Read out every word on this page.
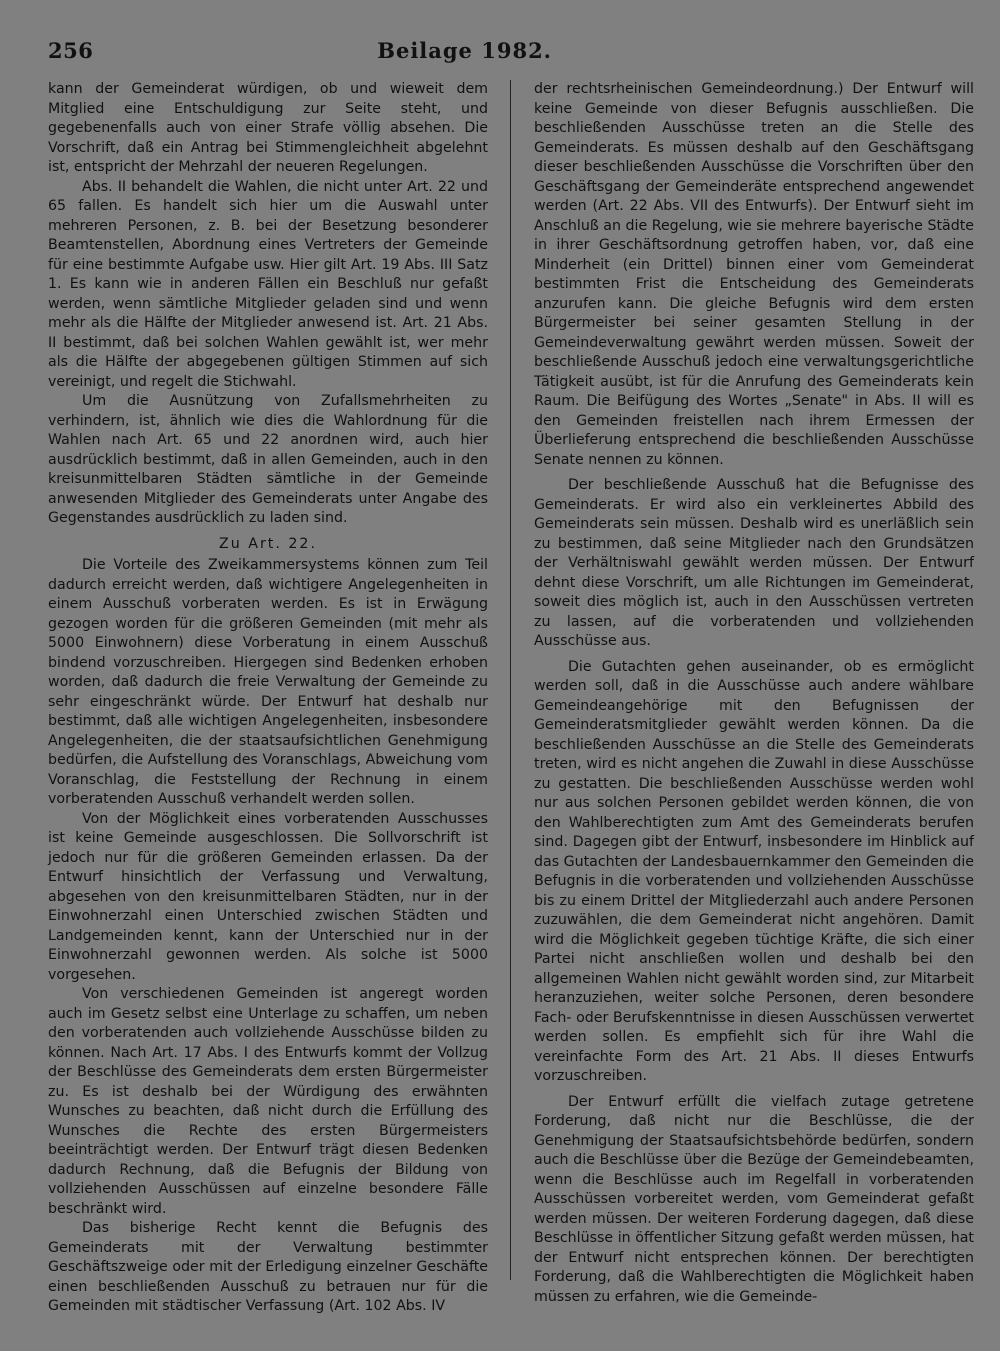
256	Beilage 1982.

kann der Gemeinderat würdigen, ob und wieweit dem Mitglied eine Entschuldigung zur Seite steht, und gegebenenfalls auch von einer Strafe völlig absehen. Die Vorschrift, daß ein Antrag bei Stimmengleichheit abgelehnt ist, entspricht der Mehrzahl der neueren Regelungen.

Abs. II behandelt die Wahlen, die nicht unter Art. 22 und 65 fallen. Es handelt sich hier um die Auswahl unter mehreren Personen, z. B. bei der Besetzung besonderer Beamtenstellen, Abordnung eines Vertreters der Gemeinde für eine bestimmte Aufgabe usw. Hier gilt Art. 19 Abs. III Satz 1. Es kann wie in anderen Fällen ein Beschluß nur gefaßt werden, wenn sämtliche Mitglieder geladen sind und wenn mehr als die Hälfte der Mitglieder anwesend ist. Art. 21 Abs. II bestimmt, daß bei solchen Wahlen gewählt ist, wer mehr als die Hälfte der abgegebenen gültigen Stimmen auf sich vereinigt, und regelt die Stichwahl.

Um die Ausnützung von Zufallsmehrheiten zu verhindern, ist, ähnlich wie dies die Wahlordnung für die Wahlen nach Art. 65 und 22 anordnen wird, auch hier ausdrücklich bestimmt, daß in allen Gemeinden, auch in den kreisunmittelbaren Städten sämtliche in der Gemeinde anwesenden Mitglieder des Gemeinderats unter Angabe des Gegenstandes ausdrücklich zu laden sind.

Zu Art. 22.

Die Vorteile des Zweikammersystems können zum Teil dadurch erreicht werden, daß wichtigere Angelegenheiten in einem Ausschuß vorberaten werden. Es ist in Erwägung gezogen worden für die größeren Gemeinden (mit mehr als 5000 Einwohnern) diese Vorberatung in einem Ausschuß bindend vorzuschreiben. Hiergegen sind Bedenken erhoben worden, daß dadurch die freie Verwaltung der Gemeinde zu sehr eingeschränkt würde. Der Entwurf hat deshalb nur bestimmt, daß alle wichtigen Angelegenheiten, insbesondere Angelegenheiten, die der staatsaufsichtlichen Genehmigung bedürfen, die Aufstellung des Voranschlags, Abweichung vom Voranschlag, die Feststellung der Rechnung in einem vorberatenden Ausschuß verhandelt werden sollen.

Von der Möglichkeit eines vorberatenden Ausschusses ist keine Gemeinde ausgeschlossen. Die Sollvorschrift ist jedoch nur für die größeren Gemeinden erlassen. Da der Entwurf hinsichtlich der Verfassung und Verwaltung, abgesehen von den kreisunmittelbaren Städten, nur in der Einwohnerzahl einen Unterschied zwischen Städten und Landgemeinden kennt, kann der Unterschied nur in der Einwohnerzahl gewonnen werden. Als solche ist 5000 vorgesehen.

Von verschiedenen Gemeinden ist angeregt worden auch im Gesetz selbst eine Unterlage zu schaffen, um neben den vorberatenden auch vollziehende Ausschüsse bilden zu können. Nach Art. 17 Abs. I des Entwurfs kommt der Vollzug der Beschlüsse des Gemeinderats dem ersten Bürgermeister zu. Es ist deshalb bei der Würdigung des erwähnten Wunsches zu beachten, daß nicht durch die Erfüllung des Wunsches die Rechte des ersten Bürgermeisters beeinträchtigt werden. Der Entwurf trägt diesen Bedenken dadurch Rechnung, daß die Befugnis der Bildung von vollziehenden Ausschüssen auf einzelne besondere Fälle beschränkt wird.

Das bisherige Recht kennt die Befugnis des Gemeinderats mit der Verwaltung bestimmter Geschäftszweige oder mit der Erledigung einzelner Geschäfte einen beschließenden Ausschuß zu betrauen nur für die Gemeinden mit städtischer Verfassung (Art. 102 Abs. IV

der rechtsrheinischen Gemeindeordnung.) Der Entwurf will keine Gemeinde von dieser Befugnis ausschließen. Die beschließenden Ausschüsse treten an die Stelle des Gemeinderats. Es müssen deshalb auf den Geschäftsgang dieser beschließenden Ausschüsse die Vorschriften über den Geschäftsgang der Gemeinderäte entsprechend angewendet werden (Art. 22 Abs. VII des Entwurfs). Der Entwurf sieht im Anschluß an die Regelung, wie sie mehrere bayerische Städte in ihrer Geschäftsordnung getroffen haben, vor, daß eine Minderheit (ein Drittel) binnen einer vom Gemeinderat bestimmten Frist die Entscheidung des Gemeinderats anzurufen kann. Die gleiche Befugnis wird dem ersten Bürgermeister bei seiner gesamten Stellung in der Gemeindeverwaltung gewährt werden müssen. Soweit der beschließende Ausschuß jedoch eine verwaltungsgerichtliche Tätigkeit ausübt, ist für die Anrufung des Gemeinderats kein Raum. Die Beifügung des Wortes „Senate" in Abs. II will es den Gemeinden freistellen nach ihrem Ermessen der Überlieferung entsprechend die beschließenden Ausschüsse Senate nennen zu können.

Der beschließende Ausschuß hat die Befugnisse des Gemeinderats. Er wird also ein verkleinertes Abbild des Gemeinderats sein müssen. Deshalb wird es unerläßlich sein zu bestimmen, daß seine Mitglieder nach den Grundsätzen der Verhältniswahl gewählt werden müssen. Der Entwurf dehnt diese Vorschrift, um alle Richtungen im Gemeinderat, soweit dies möglich ist, auch in den Ausschüssen vertreten zu lassen, auf die vorberatenden und vollziehenden Ausschüsse aus.

Die Gutachten gehen auseinander, ob es ermöglicht werden soll, daß in die Ausschüsse auch andere wählbare Gemeindeangehörige mit den Befugnissen der Gemeinderatsmitglieder gewählt werden können. Da die beschließenden Ausschüsse an die Stelle des Gemeinderats treten, wird es nicht angehen die Zuwahl in diese Ausschüsse zu gestatten. Die beschließenden Ausschüsse werden wohl nur aus solchen Personen gebildet werden können, die von den Wahlberechtigten zum Amt des Gemeinderats berufen sind. Dagegen gibt der Entwurf, insbesondere im Hinblick auf das Gutachten der Landesbauernkammer den Gemeinden die Befugnis in die vorberatenden und vollziehenden Ausschüsse bis zu einem Drittel der Mitgliederzahl auch andere Personen zuzuwählen, die dem Gemeinderat nicht angehören. Damit wird die Möglichkeit gegeben tüchtige Kräfte, die sich einer Partei nicht anschließen wollen und deshalb bei den allgemeinen Wahlen nicht gewählt worden sind, zur Mitarbeit heranzuziehen, weiter solche Personen, deren besondere Fach- oder Berufskenntnisse in diesen Ausschüssen verwertet werden sollen. Es empfiehlt sich für ihre Wahl die vereinfachte Form des Art. 21 Abs. II dieses Entwurfs vorzuschreiben.

Der Entwurf erfüllt die vielfach zutage getretene Forderung, daß nicht nur die Beschlüsse, die der Genehmigung der Staatsaufsichtsbehörde bedürfen, sondern auch die Beschlüsse über die Bezüge der Gemeindebeamten, wenn die Beschlüsse auch im Regelfall in vorberatenden Ausschüssen vorbereitet werden, vom Gemeinderat gefaßt werden müssen. Der weiteren Forderung dagegen, daß diese Beschlüsse in öffentlicher Sitzung gefaßt werden müssen, hat der Entwurf nicht entsprechen können. Der berechtigten Forderung, daß die Wahlberechtigten die Möglichkeit haben müssen zu erfahren, wie die Gemeinde-
